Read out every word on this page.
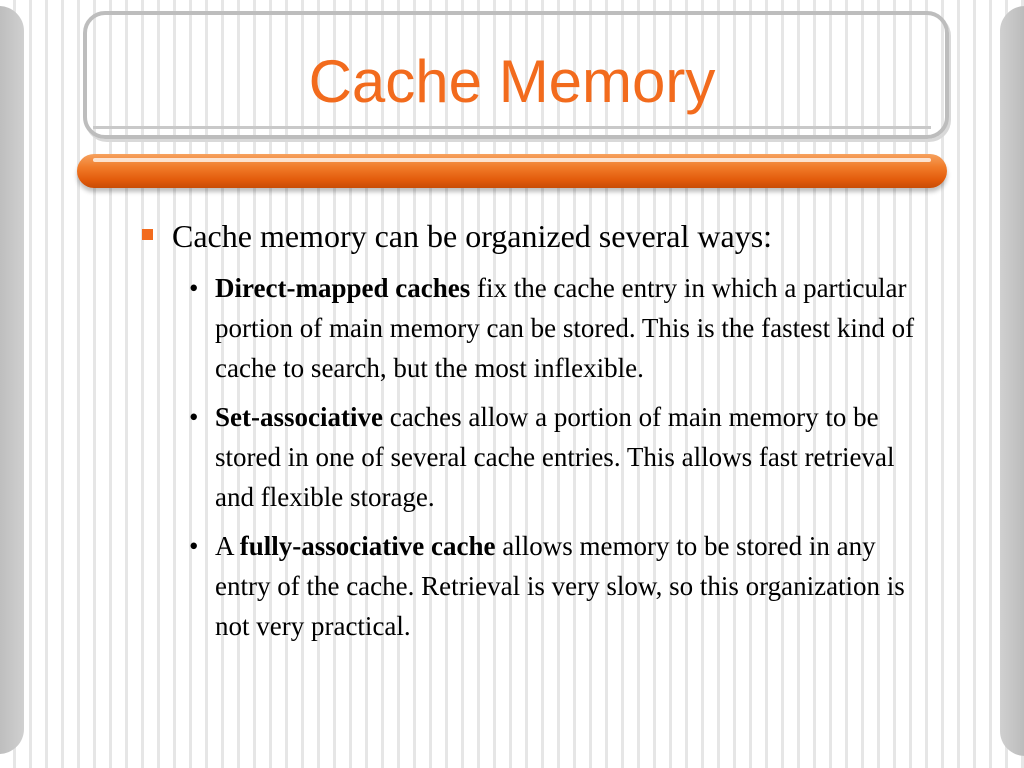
Cache Memory
Cache memory can be organized several ways:
• Direct-mapped caches fix the cache entry in which a particular portion of main memory can be stored. This is the fastest kind of cache to search, but the most inflexible.
• Set-associative caches allow a portion of main memory to be stored in one of several cache entries. This allows fast retrieval and flexible storage.
• A fully-associative cache allows memory to be stored in any entry of the cache. Retrieval is very slow, so this organization is not very practical.
